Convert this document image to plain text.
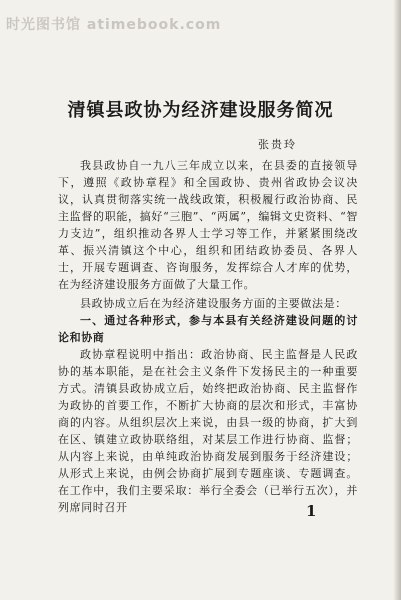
时光图书馆 atimebook.com
清镇县政协为经济建设服务简况
张贵玲
我县政协自一九八三年成立以来，在县委的直接领导下，遵照《政协章程》和全国政协、贵州省政协会议决议，认真贯彻落实统一战线政策，积极履行政治协商、民主监督的职能，搞好“三胞”、“两属”，编辑文史资料、“智力支边”，组织推动各界人士学习等工作，并紧紧围绕改革、振兴清镇这个中心，组织和团结政协委员、各界人士，开展专题调查、咨询服务，发挥综合人才库的优势，在为经济建设服务方面做了大量工作。
县政协成立后在为经济建设服务方面的主要做法是：
一、通过各种形式，参与本县有关经济建设问题的讨论和协商
政协章程说明中指出：政治协商、民主监督是人民政协的基本职能，是在社会主义条件下发扬民主的一种重要方式。清镇县政协成立后，始终把政治协商、民主监督作为政协的首要工作，不断扩大协商的层次和形式，丰富协商的内容。从组织层次上来说，由县一级的协商，扩大到在区、镇建立政协联络组，对某层工作进行协商、监督；从内容上来说，由单纯政治协商发展到服务于经济建设；从形式上来说，由例会协商扩展到专题座谈、专题调查。在工作中，我们主要采取：举行全委会（已举行五次），并列席同时召开	1
